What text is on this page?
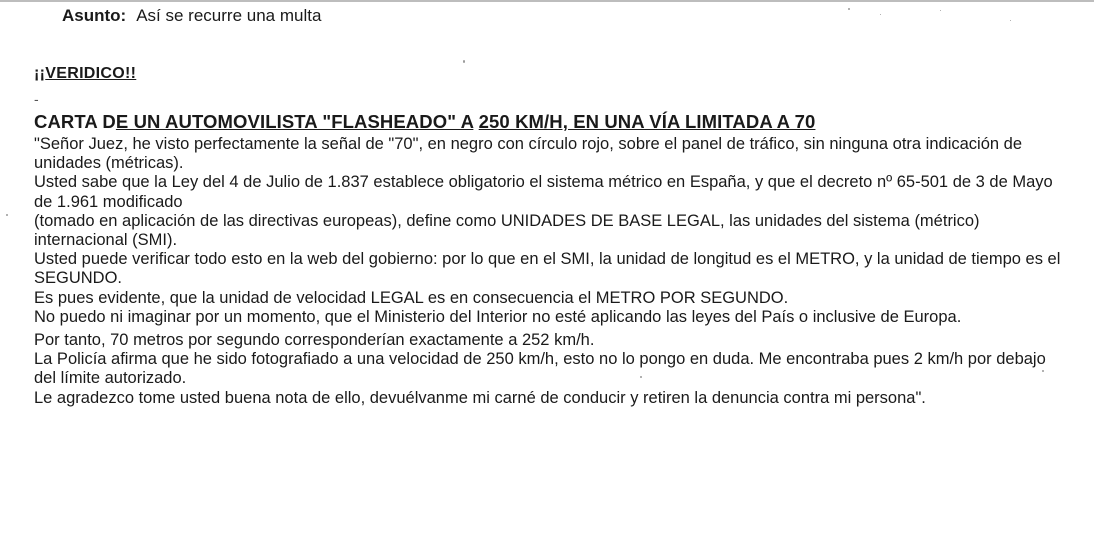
Asunto: Así se recurre una multa
¡¡VERIDICO!!
-
CARTA DE UN AUTOMOVILISTA "FLASHEADO" A 250 KM/H, EN UNA VÍA LIMITADA A 70

"Señor Juez, he visto perfectamente la señal de "70", en negro con círculo rojo, sobre el panel de tráfico, sin ninguna otra indicación de unidades (métricas).

Usted sabe que la Ley del 4 de Julio de 1.837 establece obligatorio el sistema métrico en España, y que el decreto nº 65-501 de 3 de Mayo de 1.961 modificado

(tomado en aplicación de las directivas europeas), define como UNIDADES DE BASE LEGAL, las unidades del sistema (métrico) internacional (SMI).

Usted puede verificar todo esto en la web del gobierno: por lo que en el SMI, la unidad de longitud es el METRO, y la unidad de tiempo es el SEGUNDO.

Es pues evidente, que la unidad de velocidad LEGAL es en consecuencia el METRO POR SEGUNDO.

No puedo ni imaginar por un momento, que el Ministerio del Interior no esté aplicando las leyes del País o inclusive de Europa.

Por tanto, 70 metros por segundo corresponderían exactamente a 252 km/h.

La Policía afirma que he sido fotografiado a una velocidad de 250 km/h, esto no lo pongo en duda. Me encontraba pues 2 km/h por debajo del límite autorizado.

Le agradezco tome usted buena nota de ello, devuélvanme mi carné de conducir y retiren la denuncia contra mi persona".
